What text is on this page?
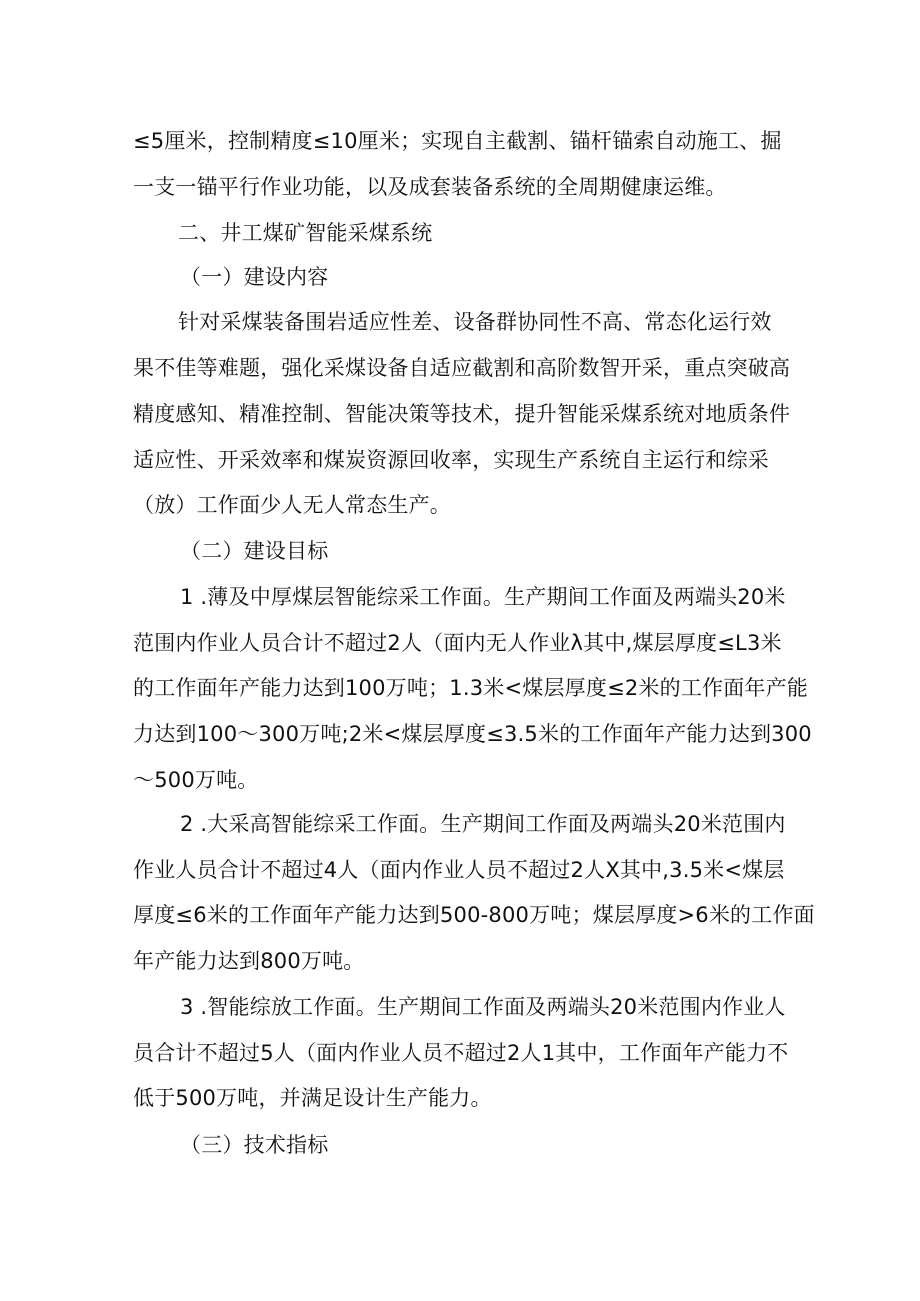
≤5厘米，控制精度≤10厘米；实现自主截割、锚杆锚索自动施工、掘
一支一锚平行作业功能，以及成套装备系统的全周期健康运维。
二、井工煤矿智能采煤系统
（一）建设内容
针对采煤装备围岩适应性差、设备群协同性不高、常态化运行效
果不佳等难题，强化采煤设备自适应截割和高阶数智开采，重点突破高
精度感知、精准控制、智能决策等技术，提升智能采煤系统对地质条件
适应性、开采效率和煤炭资源回收率，实现生产系统自主运行和综采
（放）工作面少人无人常态生产。
（二）建设目标
1 .薄及中厚煤层智能综采工作面。生产期间工作面及两端头20米
范围内作业人员合计不超过2人（面内无人作业λ其中,煤层厚度≤L3米
的工作面年产能力达到100万吨；1.3米<煤层厚度≤2米的工作面年产能
力达到100〜300万吨;2米<煤层厚度≤3.5米的工作面年产能力达到300
〜500万吨。
2 .大采高智能综采工作面。生产期间工作面及两端头20米范围内
作业人员合计不超过4人（面内作业人员不超过2人X其中,3.5米<煤层
厚度≤6米的工作面年产能力达到500-800万吨；煤层厚度>6米的工作面
年产能力达到800万吨。
3 .智能综放工作面。生产期间工作面及两端头20米范围内作业人
员合计不超过5人（面内作业人员不超过2人1其中，工作面年产能力不
低于500万吨，并满足设计生产能力。
（三）技术指标
